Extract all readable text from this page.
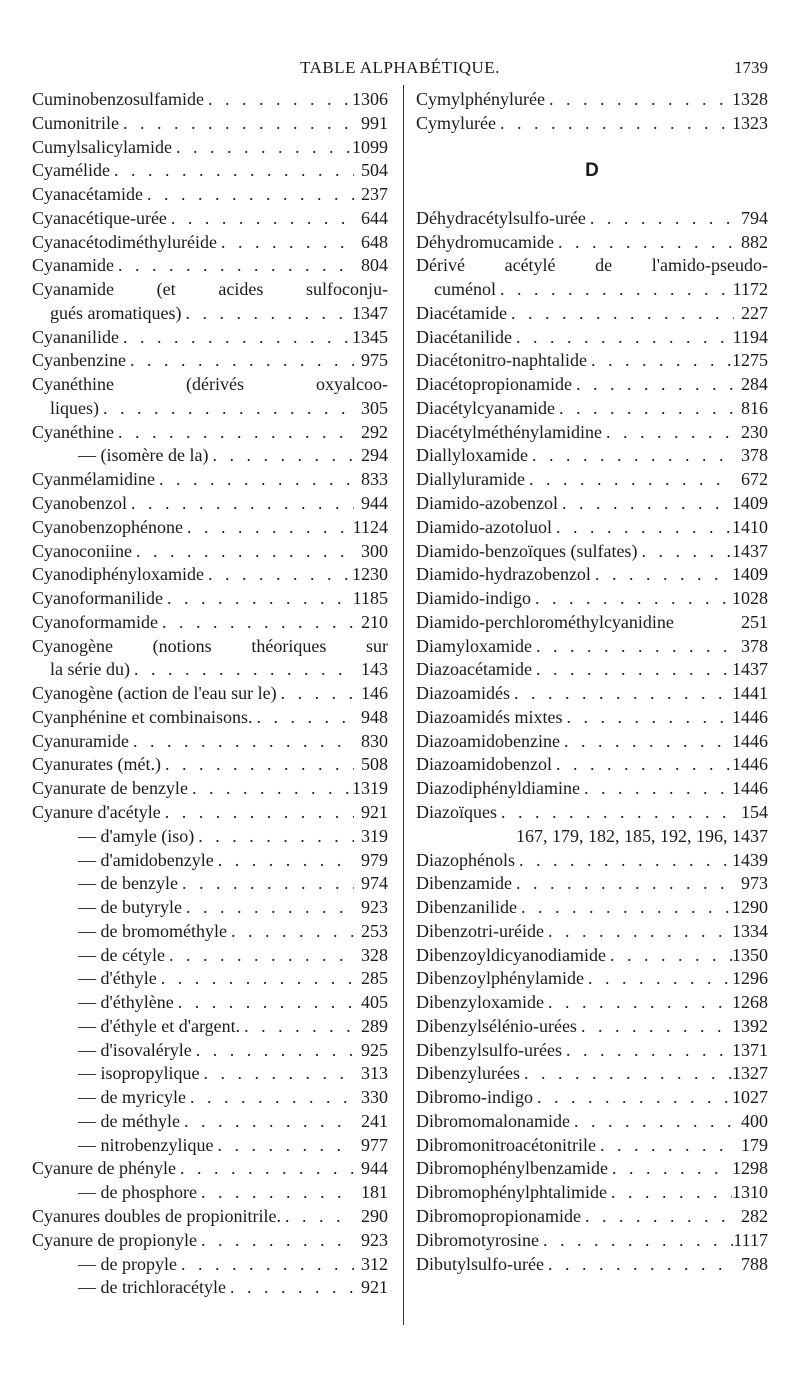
TABLE ALPHABÉTIQUE.	1739
Cuminobenzosulfamide . . .	1306
Cumonitrile . . .	991
Cumylsalicylamide . . .	1099
Cyamélide . . .	504
Cyanacétamide . . .	237
Cyanacétique-urée . . .	644
Cyanacétodiméthyluréide . . .	648
Cyanamide . . .	804
Cyanamide (et acides sulfoconju-
gués aromatiques) . . .	1347
Cyananilide . . .	1345
Cyanbenzine . . .	975
Cyanéthine (dérivés oxyalcoo-
liques) . . .	305
Cyanéthine . . .	292
— (isomère de la) . . .	294
Cyanmélamidine . . .	833
Cyanobenzol . . .	944
Cyanobenzophénone . . .	1124
Cyanoconiine . . .	300
Cyanodiphényloxamide . . .	1230
Cyanoformanilide . . .	1185
Cyanoformamide . . .	210
Cyanogène (notions théoriques sur
la série du) . . .	143
Cyanogène (action de l'eau sur le) . . .	146
Cyanphénine et combinaisons. . . .	948
Cyanuramide . . .	830
Cyanurates (mét.) . . .	508
Cyanurate de benzyle . . .	1319
Cyanure d'acétyle . . .	921
— d'amyle (iso) . . .	319
— d'amidobenzyle . . .	979
— de benzyle . . .	974
— de butyryle . . .	923
— de bromométhyle . . .	253
— de cétyle . . .	328
— d'éthyle . . .	285
— d'éthylène . . .	405
— d'éthyle et d'argent. . . .	289
— d'isovaléryle . . .	925
— isopropylique . . .	313
— de myricyle . . .	330
— de méthyle . . .	241
— nitrobenzylique . . .	977
Cyanure de phényle . . .	944
— de phosphore . . .	181
Cyanures doubles de propionitrile. . . .	290
Cyanure de propionyle . . .	923
— de propyle . . .	312
— de trichloracétyle . . .	921
Cymylphénylurée . . .	1328
Cymylurée . . .	1323
D
Déhydracétylsulfo-urée . . .	794
Déhydromucamide . . .	882
Dérivé acétylé de l'amido-pseudo-
cuménol . . .	1172
Diacétamide . . .	227
Diacétanilide . . .	1194
Diacétonitro-naphtalide . . .	1275
Diacétopropionamide . . .	284
Diacétylcyanamide . . .	816
Diacétylméthénylamidine . . .	230
Diallyloxamide . . .	378
Diallyluramide . . .	672
Diamido-azobenzol . . .	1409
Diamido-azotoluol . . .	1410
Diamido-benzoïques (sulfates) . . .	1437
Diamido-hydrazobenzol . . .	1409
Diamido-indigo . . .	1028
Diamido-perchlorométhylcyanidine	251
Diamyloxamide . . .	378
Diazoacétamide . . .	1437
Diazoamidés . . .	1441
Diazoamidés mixtes . . .	1446
Diazoamidobenzine . . .	1446
Diazoamidobenzol . . .	1446
Diazodiphényldiamine . . .	1446
Diazoïques . . .	154
167, 179, 182, 185, 192, 196, 1437
Diazophénols . . .	1439
Dibenzamide . . .	973
Dibenzanilide . . .	1290
Dibenzotri-uréide . . .	1334
Dibenzoyldicyanodiamide . . .	1350
Dibenzoylphénylamide . . .	1296
Dibenzyloxamide . . .	1268
Dibenzylsélénio-urées . . .	1392
Dibenzylsulfo-urées . . .	1371
Dibenzylurées . . .	1327
Dibromo-indigo . . .	1027
Dibromomalonamide . . .	400
Dibromonitroacétonitrile . . .	179
Dibromophénylbenzamide . . .	1298
Dibromophénylphtalimide . . .	1310
Dibromopropionamide . . .	282
Dibromotyrosine . . .	1117
Dibutylsulfo-urée . . .	788
